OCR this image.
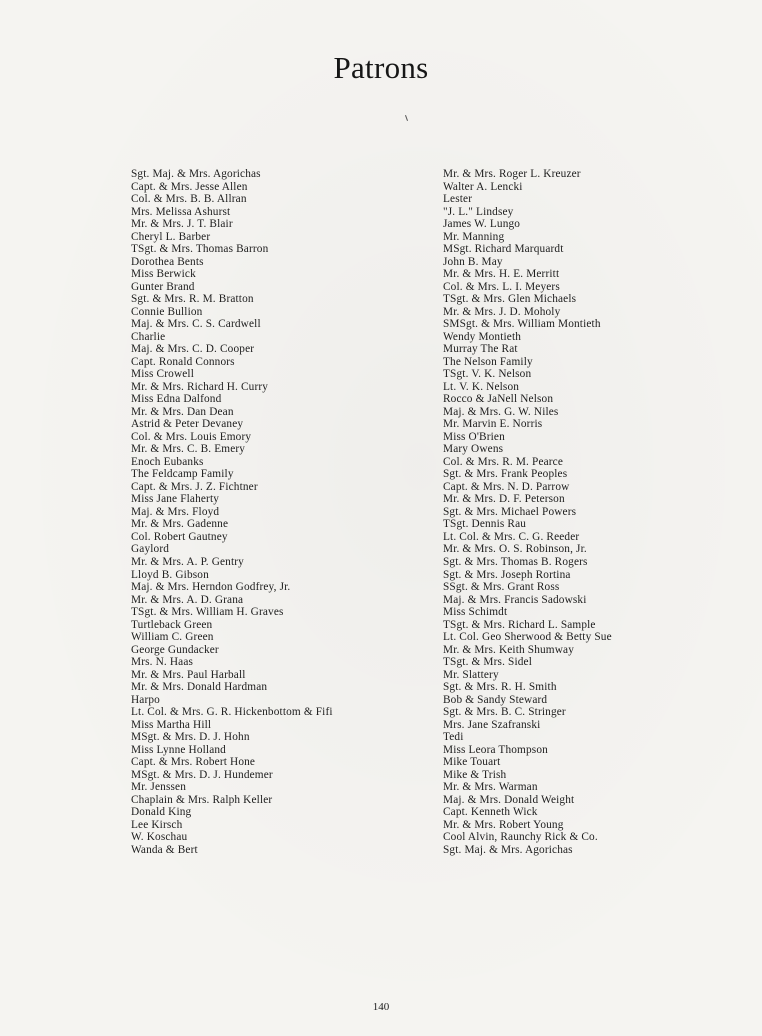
Patrons
Sgt. Maj. & Mrs. Agorichas
Capt. & Mrs. Jesse Allen
Col. & Mrs. B. B. Allran
Mrs. Melissa Ashurst
Mr. & Mrs. J. T. Blair
Cheryl L. Barber
TSgt. & Mrs. Thomas Barron
Dorothea Bents
Miss Berwick
Gunter Brand
Sgt. & Mrs. R. M. Bratton
Connie Bullion
Maj. & Mrs. C. S. Cardwell
Charlie
Maj. & Mrs. C. D. Cooper
Capt. Ronald Connors
Miss Crowell
Mr. & Mrs. Richard H. Curry
Miss Edna Dalfond
Mr. & Mrs. Dan Dean
Astrid & Peter Devaney
Col. & Mrs. Louis Emory
Mr. & Mrs. C. B. Emery
Enoch Eubanks
The Feldcamp Family
Capt. & Mrs. J. Z. Fichtner
Miss Jane Flaherty
Maj. & Mrs. Floyd
Mr. & Mrs. Gadenne
Col. Robert Gautney
Gaylord
Mr. & Mrs. A. P. Gentry
Lloyd B. Gibson
Maj. & Mrs. Herndon Godfrey, Jr.
Mr. & Mrs. A. D. Grana
TSgt. & Mrs. William H. Graves
Turtleback Green
William C. Green
George Gundacker
Mrs. N. Haas
Mr. & Mrs. Paul Harball
Mr. & Mrs. Donald Hardman
Harpo
Lt. Col. & Mrs. G. R. Hickenbottom & Fifi
Miss Martha Hill
MSgt. & Mrs. D. J. Hohn
Miss Lynne Holland
Capt. & Mrs. Robert Hone
MSgt. & Mrs. D. J. Hundemer
Mr. Jenssen
Chaplain & Mrs. Ralph Keller
Donald King
Lee Kirsch
W. Koschau
Wanda & Bert
Mr. & Mrs. Roger L. Kreuzer
Walter A. Lencki
Lester
"J. L." Lindsey
James W. Lungo
Mr. Manning
MSgt. Richard Marquardt
John B. May
Mr. & Mrs. H. E. Merritt
Col. & Mrs. L. I. Meyers
TSgt. & Mrs. Glen Michaels
Mr. & Mrs. J. D. Moholy
SMSgt. & Mrs. William Montieth
Wendy Montieth
Murray The Rat
The Nelson Family
TSgt. V. K. Nelson
Lt. V. K. Nelson
Rocco & JaNell Nelson
Maj. & Mrs. G. W. Niles
Mr. Marvin E. Norris
Miss O'Brien
Mary Owens
Col. & Mrs. R. M. Pearce
Sgt. & Mrs. Frank Peoples
Capt. & Mrs. N. D. Parrow
Mr. & Mrs. D. F. Peterson
Sgt. & Mrs. Michael Powers
TSgt. Dennis Rau
Lt. Col. & Mrs. C. G. Reeder
Mr. & Mrs. O. S. Robinson, Jr.
Sgt. & Mrs. Thomas B. Rogers
Sgt. & Mrs. Joseph Rortina
SSgt. & Mrs. Grant Ross
Maj. & Mrs. Francis Sadowski
Miss Schimdt
TSgt. & Mrs. Richard L. Sample
Lt. Col. Geo Sherwood & Betty Sue
Mr. & Mrs. Keith Shumway
TSgt. & Mrs. Sidel
Mr. Slattery
Sgt. & Mrs. R. H. Smith
Bob & Sandy Steward
Sgt. & Mrs. B. C. Stringer
Mrs. Jane Szafranski
Tedi
Miss Leora Thompson
Mike Touart
Mike & Trish
Mr. & Mrs. Warman
Maj. & Mrs. Donald Weight
Capt. Kenneth Wick
Mr. & Mrs. Robert Young
Cool Alvin, Raunchy Rick & Co.
Sgt. Maj. & Mrs. Agorichas
140
